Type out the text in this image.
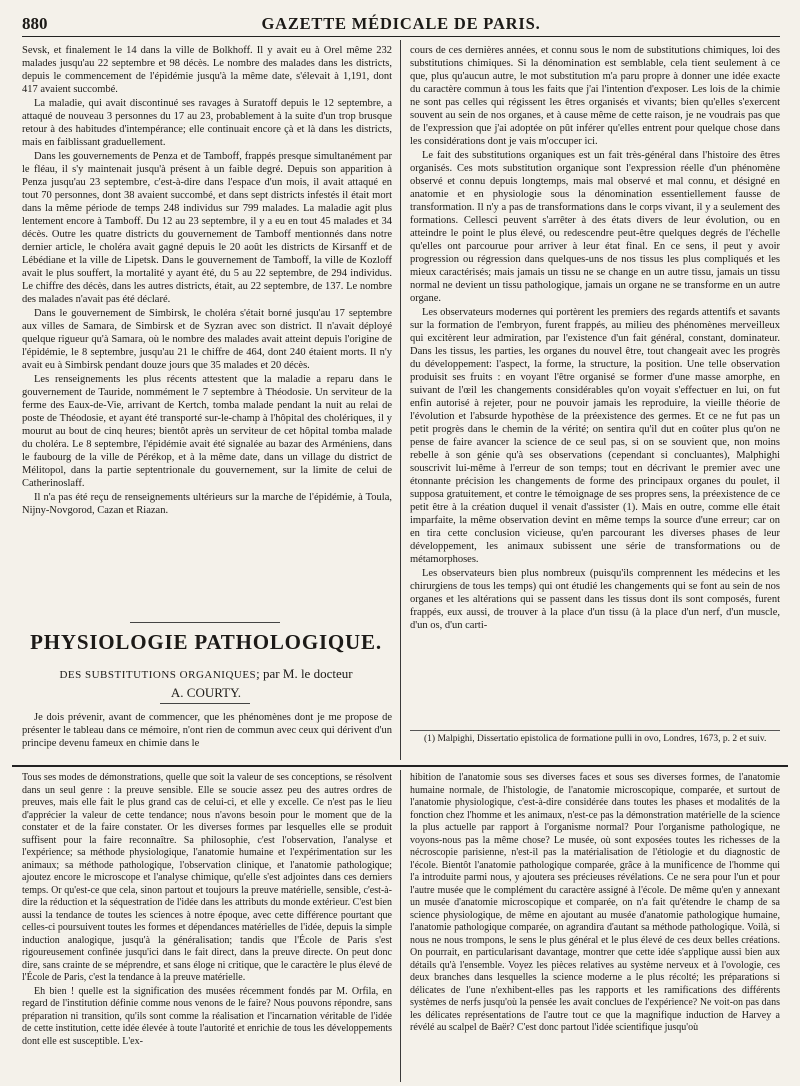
880	GAZETTE MÉDICALE DE PARIS.

Sevsk, et finalement le 14 dans la ville de Bolkhoff. Il y avait eu à Orel même 232 malades jusqu'au 22 septembre et 98 décès. Le nombre des malades dans les districts, depuis le commencement de l'épidémie jusqu'à la même date, s'élevait à 1,191, dont 417 avaient succombé.

La maladie, qui avait discontinué ses ravages à Suratoff depuis le 12 septembre, a attaqué de nouveau 3 personnes du 17 au 23, probablement à la suite d'un trop brusque retour à des habitudes d'intempérance; elle continuait encore çà et là dans les districts, mais en faiblissant graduellement.

Dans les gouvernements de Penza et de Tamboff, frappés presque simultanément par le fléau, il s'y maintenait jusqu'à présent à un faible degré. Depuis son apparition à Penza jusqu'au 23 septembre, c'est-à-dire dans l'espace d'un mois, il avait attaqué en tout 70 personnes, dont 38 avaient succombé, et dans sept districts infestés il était mort dans la même période de temps 248 individus sur 799 malades. La maladie agit plus lentement encore à Tamboff. Du 12 au 23 septembre, il y a eu en tout 45 malades et 34 décès. Outre les quatre districts du gouvernement de Tamboff mentionnés dans notre dernier article, le choléra avait gagné depuis le 20 août les districts de Kirsanff et de Lébédiane et la ville de Lipetsk. Dans le gouvernement de Tamboff, la ville de Kozloff avait le plus souffert, la mortalité y ayant été, du 5 au 22 septembre, de 294 individus. Le chiffre des décès, dans les autres districts, était, au 22 septembre, de 137. Le nombre des malades n'avait pas été déclaré.

Dans le gouvernement de Simbirsk, le choléra s'était borné jusqu'au 17 septembre aux villes de Samara, de Simbirsk et de Syzran avec son district. Il n'avait déployé quelque rigueur qu'à Samara, où le nombre des malades avait atteint depuis l'origine de l'épidémie, le 8 septembre, jusqu'au 21 le chiffre de 464, dont 240 étaient morts. Il n'y avait eu à Simbirsk pendant douze jours que 35 malades et 20 décès.

Les renseignements les plus récents attestent que la maladie a reparu dans le gouvernement de Tauride, nommément le 7 septembre à Théodosie. Un serviteur de la ferme des Eaux-de-Vie, arrivant de Kertch, tomba malade pendant la nuit au relai de poste de Théodosie, et ayant été transporté sur-le-champ à l'hôpital des cholériques, il y mourut au bout de cinq heures; bientôt après un serviteur de cet hôpital tomba malade du choléra. Le 8 septembre, l'épidémie avait été signalée au bazar des Arméniens, dans le faubourg de la ville de Pérékop, et à la même date, dans un village du district de Mélitopol, dans la partie septentrionale du gouvernement, sur la limite de celui de Catherinoslaff.

Il n'a pas été reçu de renseignements ultérieurs sur la marche de l'épidémie, à Toula, Nijny-Novgorod, Cazan et Riazan.

PHYSIOLOGIE PATHOLOGIQUE.
DES SUBSTITUTIONS ORGANIQUES; par M. le docteur
A. COURTY.

Je dois prévenir, avant de commencer, que les phénomènes dont je me propose de présenter le tableau dans ce mémoire, n'ont rien de commun avec ceux qui dérivent d'un principe devenu fameux en chimie dans le

cours de ces dernières années, et connu sous le nom de substitutions chimiques, loi des substitutions chimiques. Si la dénomination est semblable, cela tient seulement à ce que, plus qu'aucun autre, le mot substitution m'a paru propre à donner une idée exacte du caractère commun à tous les faits que j'ai l'intention d'exposer. Les lois de la chimie ne sont pas celles qui régissent les êtres organisés et vivants; bien qu'elles s'exercent souvent au sein de nos organes, et à cause même de cette raison, je ne voudrais pas que de l'expression que j'ai adoptée on pût inférer qu'elles entrent pour quelque chose dans les considérations dont je vais m'occuper ici.

Le fait des substitutions organiques est un fait très-général dans l'histoire des êtres organisés. Ces mots substitution organique sont l'expression réelle d'un phénomène observé et connu depuis longtemps, mais mal observé et mal connu, et désigné en anatomie et en physiologie sous la dénomination essentiellement fausse de transformation. Il n'y a pas de transformations dans le corps vivant, il y a seulement des formations. Cellesci peuvent s'arrêter à des états divers de leur évolution, ou en atteindre le point le plus élevé, ou redescendre peut-être quelques degrés de l'échelle qu'elles ont parcourue pour arriver à leur état final. En ce sens, il peut y avoir progression ou régression dans quelques-uns de nos tissus les plus compliqués et les mieux caractérisés; mais jamais un tissu ne se change en un autre tissu, jamais un tissu normal ne devient un tissu pathologique, jamais un organe ne se transforme en un autre organe.

Les observateurs modernes qui portèrent les premiers des regards attentifs et savants sur la formation de l'embryon, furent frappés, au milieu des phénomènes merveilleux qui excitèrent leur admiration, par l'existence d'un fait général, constant, dominateur. Dans les tissus, les parties, les organes du nouvel être, tout changeait avec les progrès du développement: l'aspect, la forme, la structure, la position. Une telle observation produisit ses fruits : en voyant l'être organisé se former d'une masse amorphe, en suivant de l'œil les changements considérables qu'on voyait s'effectuer en lui, on fut enfin autorisé à rejeter, pour ne pouvoir jamais les reproduire, la vieille théorie de l'évolution et l'absurde hypothèse de la préexistence des germes. Et ce ne fut pas un petit progrès dans le chemin de la vérité; on sentira qu'il dut en coûter plus qu'on ne pense de faire avancer la science de ce seul pas, si on se souvient que, non moins rebelle à son génie qu'à ses observations (cependant si concluantes), Malphighi souscrivit lui-même à l'erreur de son temps; tout en décrivant le premier avec une étonnante précision les changements de forme des principaux organes du poulet, il supposa gratuitement, et contre le témoignage de ses propres sens, la préexistence de ce petit être à la création duquel il venait d'assister (1). Mais en outre, comme elle était imparfaite, la même observation devint en même temps la source d'une erreur; car on en tira cette conclusion vicieuse, qu'en parcourant les diverses phases de leur développement, les animaux subissent une série de transformations ou de métamorphoses.

Les observateurs bien plus nombreux (puisqu'ils comprennent les médecins et les chirurgiens de tous les temps) qui ont étudié les changements qui se font au sein de nos organes et les altérations qui se passent dans les tissus dont ils sont composés, furent frappés, eux aussi, de trouver à la place d'un tissu (à la place d'un nerf, d'un muscle, d'un os, d'un carti-

(1) Malpighi, Dissertatio epistolica de formatione pulli in ovo, Londres, 1673, p. 2 et suiv.

Tous ses modes de démonstrations, quelle que soit la valeur de ses conceptions, se résolvent dans un seul genre : la preuve sensible. Elle se soucie assez peu des autres ordres de preuves, mais elle fait le plus grand cas de celui-ci, et elle y excelle. Ce n'est pas le lieu d'apprécier la valeur de cette tendance; nous n'avons besoin pour le moment que de la constater et de la faire constater. Or les diverses formes par lesquelles elle se produit suffisent pour la faire reconnaître. Sa philosophie, c'est l'observation, l'analyse et l'expérience; sa méthode physiologique, l'anatomie humaine et l'expérimentation sur les animaux; sa méthode pathologique, l'observation clinique, et l'anatomie pathologique; ajoutez encore le microscope et l'analyse chimique, qu'elle s'est adjointes dans ces derniers temps. Or qu'est-ce que cela, sinon partout et toujours la preuve matérielle, sensible, c'est-à-dire la réduction et la séquestration de l'idée dans les attributs du monde extérieur. C'est bien aussi la tendance de toutes les sciences à notre époque, avec cette différence pourtant que celles-ci poursuivent toutes les formes et dépendances matérielles de l'idée, depuis la simple induction analogique, jusqu'à la généralisation; tandis que l'École de Paris s'est rigoureusement confinée jusqu'ici dans le fait direct, dans la preuve directe. On peut donc dire, sans crainte de se méprendre, et sans éloge ni critique, que le caractère le plus élevé de l'École de Paris, c'est la tendance à la preuve matérielle.

Eh bien ! quelle est la signification des musées récemment fondés par M. Orfila, en regard de l'institution définie comme nous venons de le faire? Nous pouvons répondre, sans préparation ni transition, qu'ils sont comme la réalisation et l'incarnation véritable de l'idée de cette institution, cette idée élevée à toute l'autorité et enrichie de tous les développements dont elle est susceptible. L'ex-

hibition de l'anatomie sous ses diverses faces et sous ses diverses formes, de l'anatomie humaine normale, de l'histologie, de l'anatomie microscopique, comparée, et surtout de l'anatomie physiologique, c'est-à-dire considérée dans toutes les phases et modalités de la fonction chez l'homme et les animaux, n'est-ce pas la démonstration matérielle de la science la plus actuelle par rapport à l'organisme normal? Pour l'organisme pathologique, ne voyons-nous pas la même chose? Le musée, où sont exposées toutes les richesses de la nécroscopie parisienne, n'est-il pas la matérialisation de l'étiologie et du diagnostic de l'école. Bientôt l'anatomie pathologique comparée, grâce à la munificence de l'homme qui l'a introduite parmi nous, y ajoutera ses précieuses révélations. Ce ne sera pour l'un et pour l'autre musée que le complément du caractère assigné à l'école. De même qu'en y annexant un musée d'anatomie microscopique et comparée, on n'a fait qu'étendre le champ de sa science physiologique, de même en ajoutant au musée d'anatomie pathologique humaine, l'anatomie pathologique comparée, on agrandira d'autant sa méthode pathologique. Voilà, si nous ne nous trompons, le sens le plus général et le plus élevé de ces deux belles créations. On pourrait, en particularisant davantage, montrer que cette idée s'applique aussi bien aux détails qu'à l'ensemble. Voyez les pièces relatives au système nerveux et à l'ovologie, ces deux branches dans lesquelles la science moderne a le plus récolté; les préparations si délicates de l'une n'exhibent-elles pas les rapports et les ramifications des différents systèmes de nerfs jusqu'où la pensée les avait conclues de l'expérience? Ne voit-on pas dans les délicates représentations de l'autre tout ce que la magnifique induction de Harvey a révélé au scalpel de Baër? C'est donc partout l'idée scientifique jusqu'où
